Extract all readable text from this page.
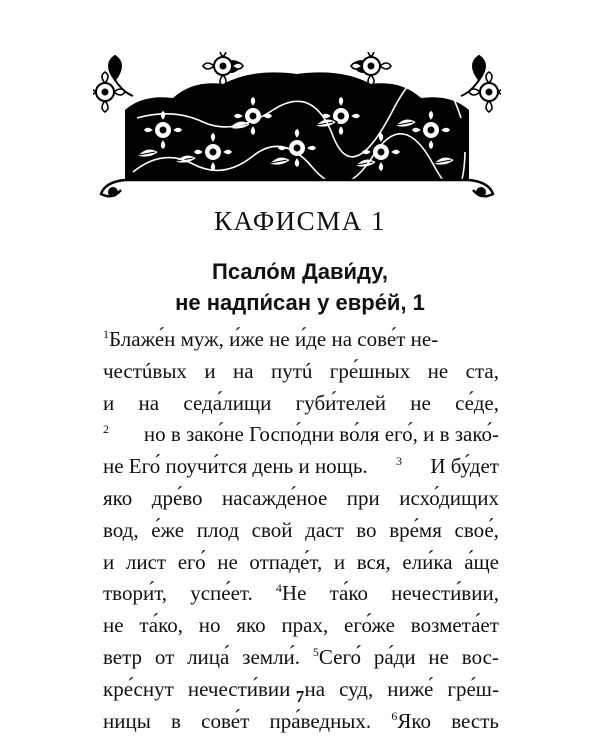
КАФИСМА 1
Псало́м Дави́ду,
не надпи́сан у евре́й, 1
$^1$ Блаже́н муж, и́же не и́де на сове́т не-
честúвых и на путú гре́шных не ста,
и на седа́лищи губи́телей не се́де,
$^2$ но в зако́не Госпо́дни во́ля его́, и в зако́-
не Его́ поучи́тся день и нощь. $^3$ И бу́дет
яко дре́во насажде́ное при исхо́дищих
вод, е́же плод свой даст во вре́мя свое́,
и лист его́ не отпаде́т, и вся, ели́ка а́ще
твори́т, успе́ет. $^4$Не та́ко нечести́вии,
не та́ко, но яко прах, его́же возмета́ет
ветр от лица́ земли́. $^5$Сего́ ра́ди не вос-
кре́снут нечести́вии на суд, ниже́ гре́ш-
ницы в сове́т пра́ведных. $^6$Яко весть
7
